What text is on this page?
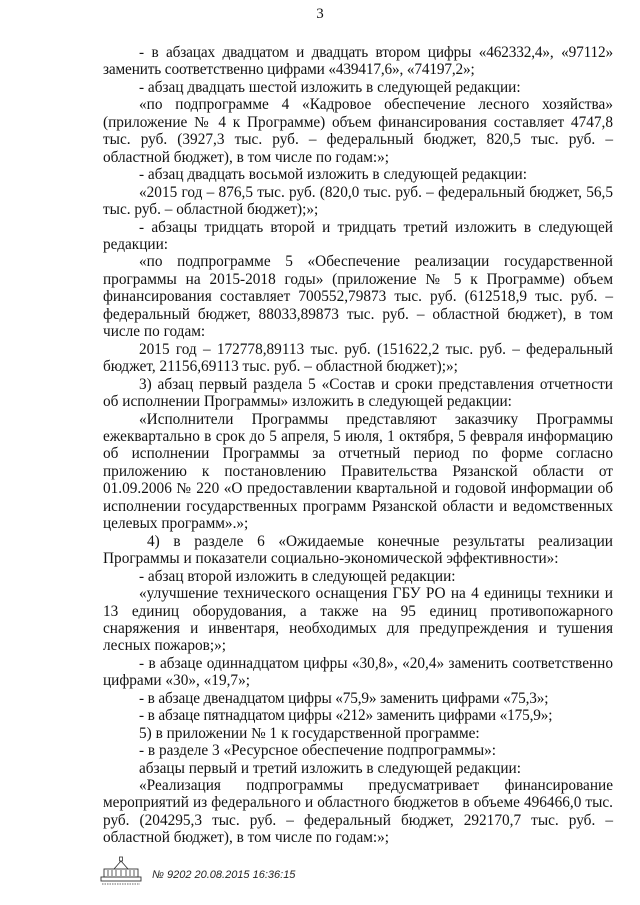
3

- в абзацах двадцатом и двадцать втором цифры «462332,4», «97112» заменить соответственно цифрами «439417,6», «74197,2»;

- абзац двадцать шестой изложить в следующей редакции:

«по подпрограмме 4 «Кадровое обеспечение лесного хозяйства» (приложение № 4 к Программе) объем финансирования составляет 4747,8 тыс. руб. (3927,3 тыс. руб. – федеральный бюджет, 820,5 тыс. руб. – областной бюджет), в том числе по годам:»;

- абзац двадцать восьмой изложить в следующей редакции:

«2015 год – 876,5 тыс. руб. (820,0 тыс. руб. – федеральный бюджет, 56,5 тыс. руб. – областной бюджет);»;

- абзацы тридцать второй и тридцать третий изложить в следующей редакции:

«по подпрограмме 5 «Обеспечение реализации государственной программы на 2015-2018 годы» (приложение № 5 к Программе) объем финансирования составляет 700552,79873 тыс. руб. (612518,9 тыс. руб. – федеральный бюджет, 88033,89873 тыс. руб. – областной бюджет), в том числе по годам:

2015 год – 172778,89113 тыс. руб. (151622,2 тыс. руб. – федеральный бюджет, 21156,69113 тыс. руб. – областной бюджет);»;

3) абзац первый раздела 5 «Состав и сроки представления отчетности об исполнении Программы» изложить в следующей редакции:

«Исполнители Программы представляют заказчику Программы ежеквартально в срок до 5 апреля, 5 июля, 1 октября, 5 февраля информацию об исполнении Программы за отчетный период по форме согласно приложению к постановлению Правительства Рязанской области от 01.09.2006 № 220 «О предоставлении квартальной и годовой информации об исполнении государственных программ Рязанской области и ведомственных целевых программ».»;

4) в разделе 6 «Ожидаемые конечные результаты реализации Программы и показатели социально-экономической эффективности»:

- абзац второй изложить в следующей редакции:

«улучшение технического оснащения ГБУ РО на 4 единицы техники и 13 единиц оборудования, а также на 95 единиц противопожарного снаряжения и инвентаря, необходимых для предупреждения и тушения лесных пожаров;»;

- в абзаце одиннадцатом цифры «30,8», «20,4» заменить соответственно цифрами «30», «19,7»;

- в абзаце двенадцатом цифры «75,9» заменить цифрами «75,3»;

- в абзаце пятнадцатом цифры «212» заменить цифрами «175,9»;

5) в приложении № 1 к государственной программе:

- в разделе 3 «Ресурсное обеспечение подпрограммы»:

абзацы первый и третий изложить в следующей редакции:

«Реализация подпрограммы предусматривает финансирование мероприятий из федерального и областного бюджетов в объеме 496466,0 тыс. руб. (204295,3 тыс. руб. – федеральный бюджет, 292170,7 тыс. руб. – областной бюджет), в том числе по годам:»;

№ 9202 20.08.2015 16:36:15
